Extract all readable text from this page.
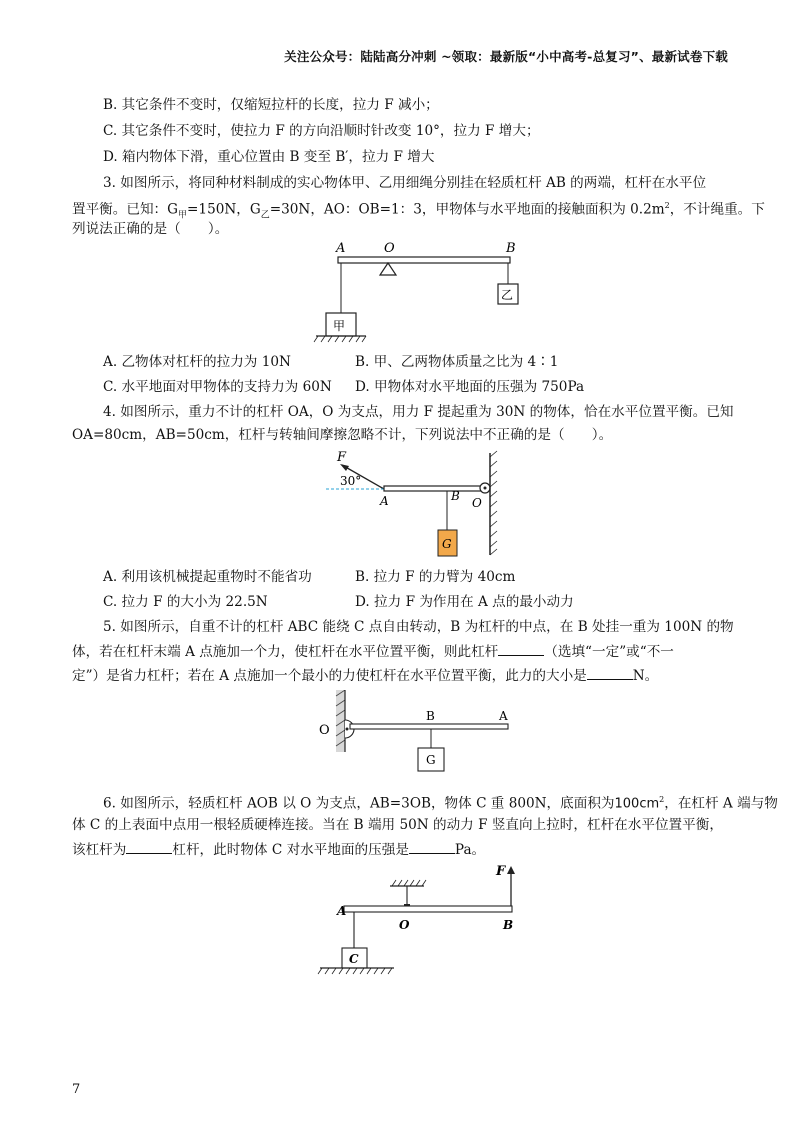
关注公众号：陆陆高分冲刺 ~领取：最新版“小中高考-总复习”、最新试卷下载
B. 其它条件不变时，仅缩短拉杆的长度，拉力 F 减小；
C. 其它条件不变时，使拉力 F 的方向沿顺时针改变 10°，拉力 F 增大；
D. 箱内物体下滑，重心位置由 B 变至 B′，拉力 F 增大
3. 如图所示，将同种材料制成的实心物体甲、乙用细绳分别挂在轻质杠杆 AB 的两端，杠杆在水平位
置平衡。已知：$G_甲=150N$，$G_乙=30N$，AO：OB=1：3，甲物体与水平地面的接触面积为 $0.2m^2$，不计绳重。下
列说法正确的是（　　）。
A	O	B
乙
甲
A. 乙物体对杠杆的拉力为 10N	B. 甲、乙两物体质量之比为 4∶1
C. 水平地面对甲物体的支持力为 60N D. 甲物体对水平地面的压强为 750Pa
4. 如图所示，重力不计的杠杆 OA，O 为支点，用力 F 提起重为 30N 的物体，恰在水平位置平衡。已知
OA=80cm，AB=50cm，杠杆与转轴间摩擦忽略不计，下列说法中不正确的是（　　）。
F
30°
A	B O
G
A. 利用该机械提起重物时不能省功	B. 拉力 F 的力臂为 40cm
C. 拉力 F 的大小为 22.5N	D. 拉力 F 为作用在 A 点的最小动力
5. 如图所示，自重不计的杠杆 ABC 能绕 C 点自由转动，B 为杠杆的中点，在 B 处挂一重为 100N 的物
体，若在杠杆末端 A 点施加一个力，使杠杆在水平位置平衡，则此杠杆	（选填“一定”或“不一
定”）是省力杠杆；若在 A 点施加一个最小的力使杠杆在水平位置平衡，此力的大小是	N。
O
B	A
G
6. 如图所示，轻质杠杆 AOB 以 O 为支点，AB=3OB，物体 C 重 800N，底面积为$100cm^2$，在杠杆 A 端与物
体 C 的上表面中点用一根轻质硬棒连接。当在 B 端用 50N 的动力 F 竖直向上拉时，杠杆在水平位置平衡，
该杠杆为	杠杆，此时物体 C 对水平地面的压强是	Pa。
F
A
O	B
C
7
